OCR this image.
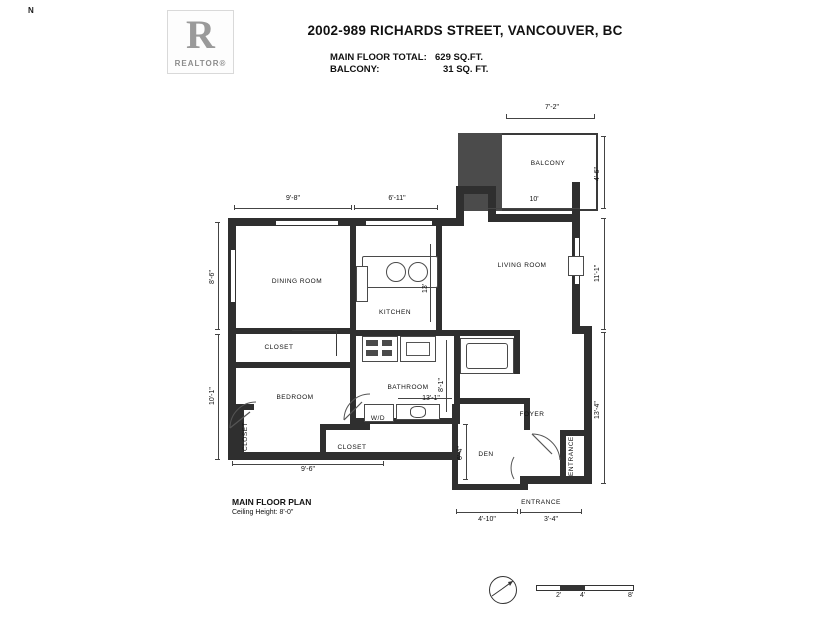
R
REALTOR®
2002-989 RICHARDS STREET, VANCOUVER, BC
MAIN FLOOR TOTAL: 629 SQ.FT.
BALCONY:	31 SQ. FT.
BALCONY
LIVING ROOM
DINING ROOM
KITCHEN
CLOSET
BEDROOM
BATHROOM
W/D
FOYER
DEN
CLOSET	CLOSET	ENTRANCE
ENTRANCE
7'-2"
4'-6"
10'
11'-1"
13'-4"
9'-8"	6'-11"
8'-6"
10'-1"
9'-6"
13'
8'-1"
13'-1"
6'-4"
4'-10"	3'-4"
MAIN FLOOR PLAN
Ceiling Height: 8'-0"
N
2'	4'	8'
